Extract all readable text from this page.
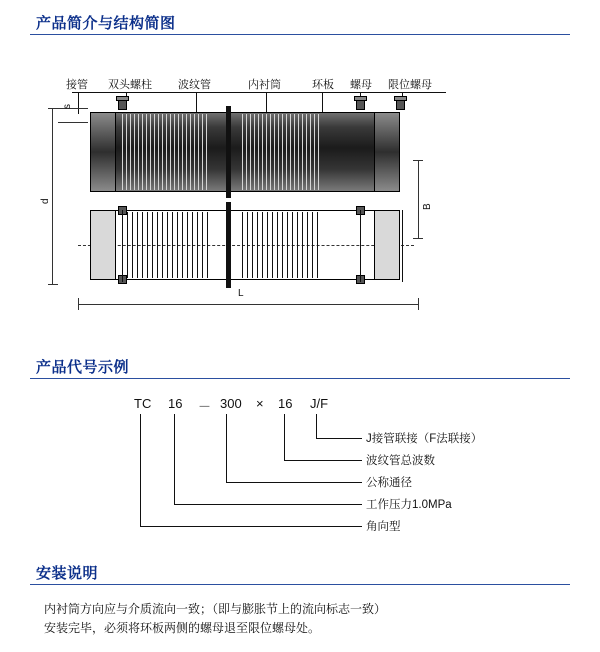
产品简介与结构简图
接管 双头螺柱 波纹管	内衬筒	环板 螺母 限位螺母
s
d
B
L
产品代号示例
TC 16 － 300 × 16 J/F
J接管联接（F法联接）
波纹管总波数
公称通径
工作压力1.0MPa
角向型
安装说明
内衬筒方向应与介质流向一致；（即与膨胀节上的流向标志一致）
安装完毕，必须将环板两侧的螺母退至限位螺母处。
